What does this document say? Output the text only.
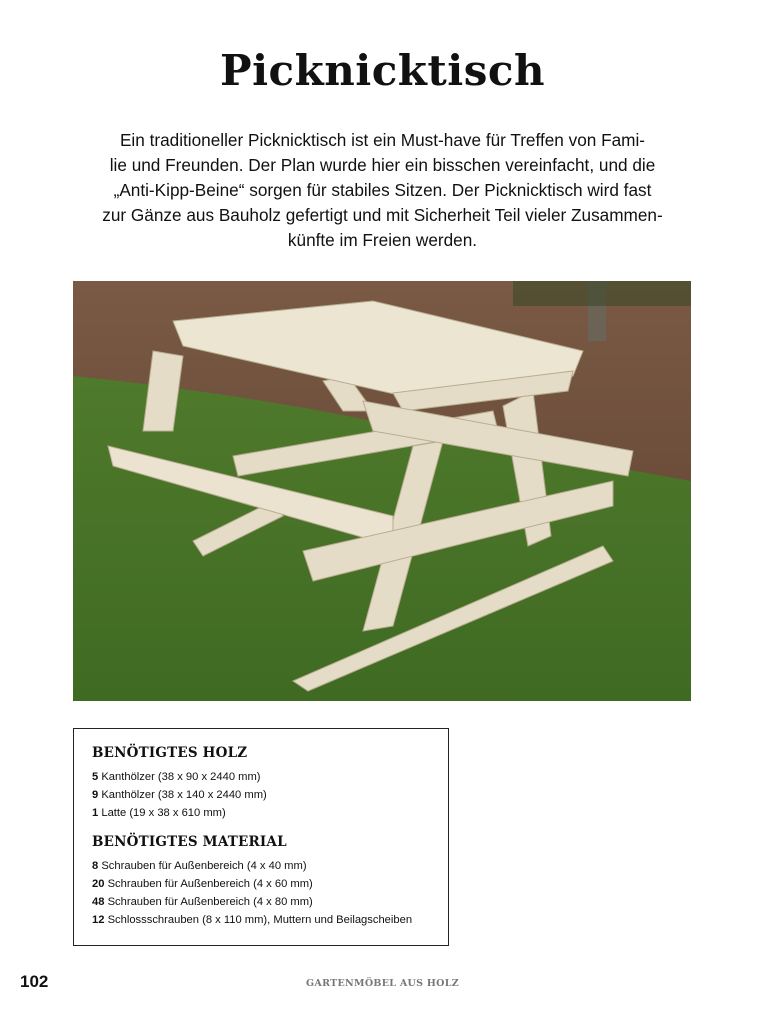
Picknicktisch
Ein traditioneller Picknicktisch ist ein Must-have für Treffen von Fami-
lie und Freunden. Der Plan wurde hier ein bisschen vereinfacht, und die
„Anti-Kipp-Beine“ sorgen für stabiles Sitzen. Der Picknicktisch wird fast
zur Gänze aus Bauholz gefertigt und mit Sicherheit Teil vieler Zusammen-
künfte im Freien werden.
BENÖTIGTES HOLZ
5 Kanthölzer (38 x 90 x 2440 mm)
9 Kanthölzer (38 x 140 x 2440 mm)
1 Latte (19 x 38 x 610 mm)
BENÖTIGTES MATERIAL
8 Schrauben für Außenbereich (4 x 40 mm)
20 Schrauben für Außenbereich (4 x 60 mm)
48 Schrauben für Außenbereich (4 x 80 mm)
12 Schlossschrauben (8 x 110 mm), Muttern und Beilagscheiben
102	GARTENMÖBEL AUS HOLZ
